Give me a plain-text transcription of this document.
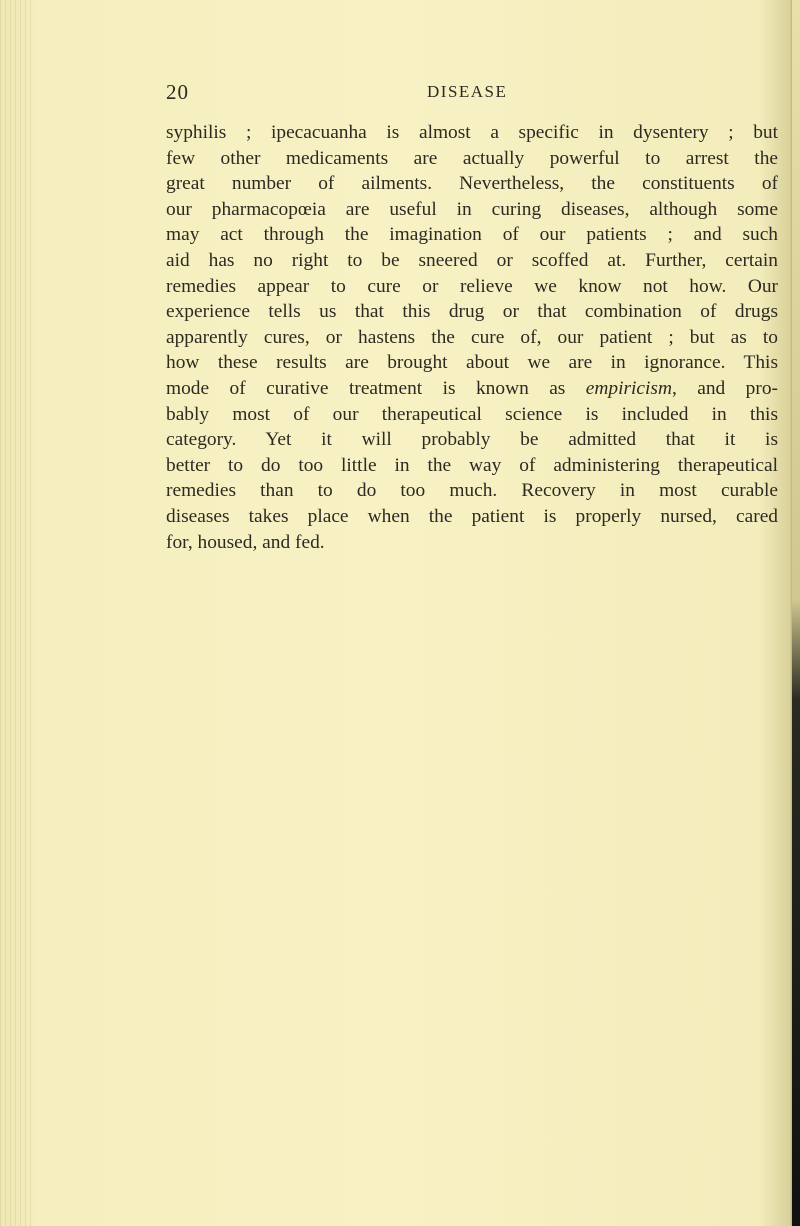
20	DISEASE

syphilis ; ipecacuanha is almost a specific in dysentery ; but
few other medicaments are actually powerful to arrest the
great number of ailments. Nevertheless, the constituents of
our pharmacopœia are useful in curing diseases, although some
may act through the imagination of our patients ; and such
aid has no right to be sneered or scoffed at. Further, certain
remedies appear to cure or relieve we know not how. Our
experience tells us that this drug or that combination of drugs
apparently cures, or hastens the cure of, our patient ; but as to
how these results are brought about we are in ignorance. This
mode of curative treatment is known as empiricism, and pro-
bably most of our therapeutical science is included in this
category. Yet it will probably be admitted that it is
better to do too little in the way of administering therapeutical
remedies than to do too much. Recovery in most curable
diseases takes place when the patient is properly nursed, cared
for, housed, and fed.
